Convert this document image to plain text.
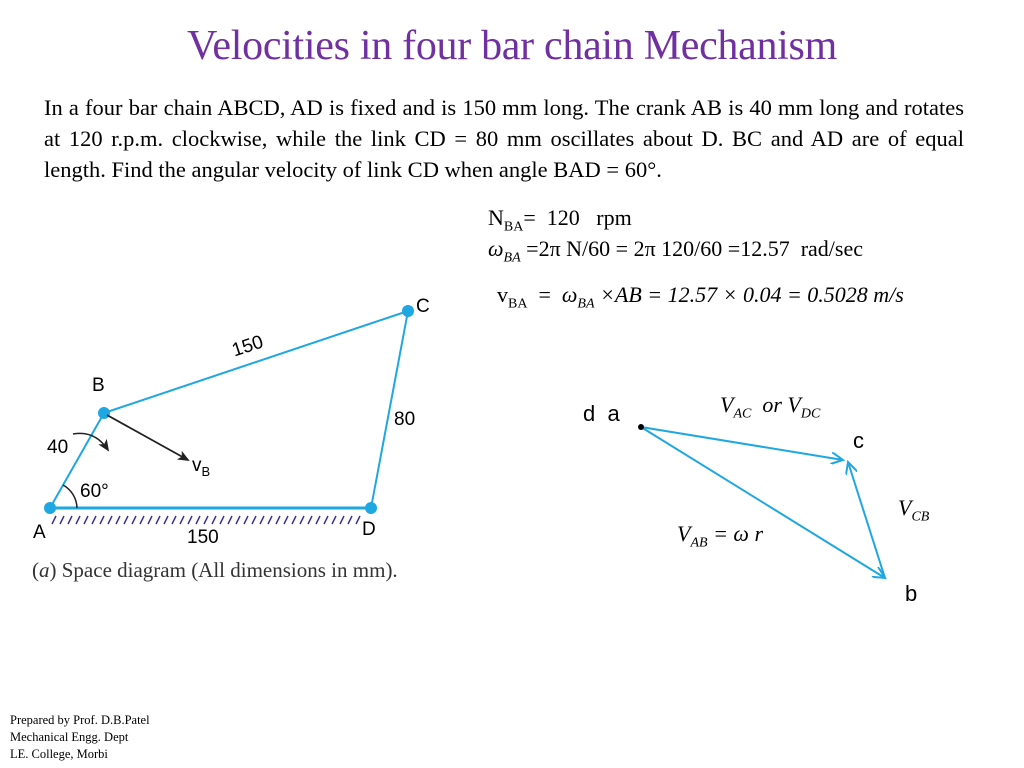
Velocities in four bar chain Mechanism
In a four bar chain ABCD, AD is fixed and is 150 mm long. The crank AB is 40 mm long and rotates at 120 r.p.m. clockwise, while the link CD = 80 mm oscillates about D. BC and AD are of equal length. Find the angular velocity of link CD when angle BAD = 60°.
$N_{BA}= 120$   rpm
$\omega_{BA} =2\pi$ N/60 = 2π 120/60 =12.57  rad/sec
$v_{BA} = \omega_{BA} \times AB = 12.57 \times 0.04 = 0.5028$ m/s
B
C
A	D
150
80
40
150
60°
$v_B$
(a) Space diagram (All dimensions in mm).
d  a
c
b
$V_{AC}$  or $V_{DC}$
$V_{CB}$
$V_{AB} = \omega$ r
Prepared by Prof. D.B.Patel
Mechanical Engg. Dept
LE. College, Morbi
